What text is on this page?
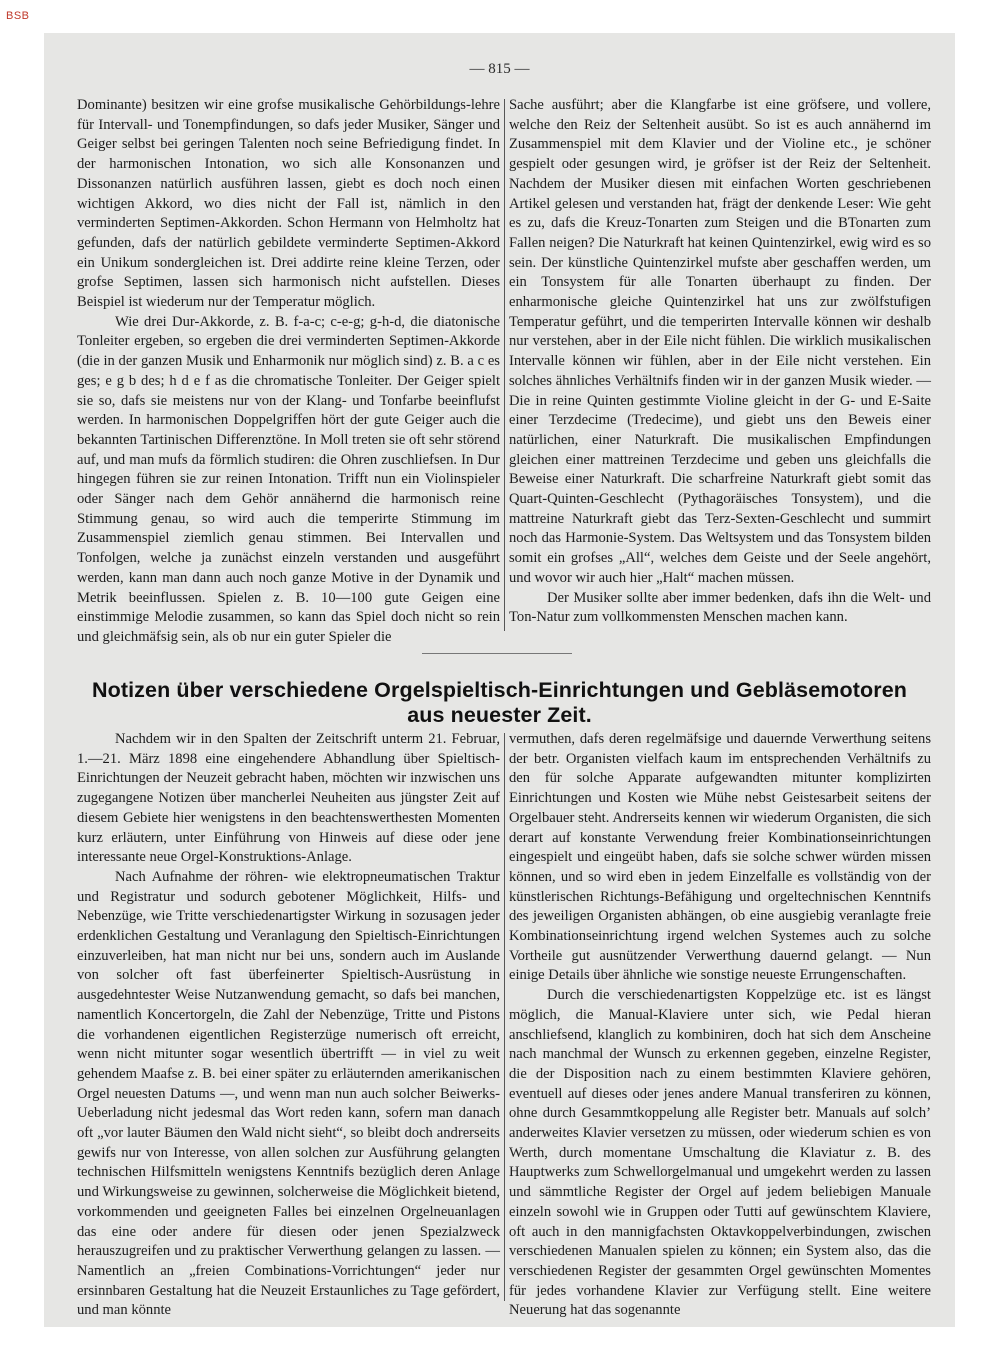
BSB
— 815 —

Dominante) besitzen wir eine grofse musikalische Gehörbildungs-lehre für Intervall- und Tonempfindungen, so dafs jeder Musiker, Sänger und Geiger selbst bei geringen Talenten noch seine Befriedigung findet. In der harmonischen Intonation, wo sich alle Konsonanzen und Dissonanzen natürlich ausführen lassen, giebt es doch noch einen wichtigen Akkord, wo dies nicht der Fall ist, nämlich in den verminderten Septimen-Akkorden. Schon Hermann von Helmholtz hat gefunden, dafs der natürlich gebildete verminderte Septimen-Akkord ein Unikum sondergleichen ist. Drei addirte reine kleine Terzen, oder grofse Septimen, lassen sich harmonisch nicht aufstellen. Dieses Beispiel ist wiederum nur der Temperatur möglich.

Wie drei Dur-Akkorde, z. B. f-a-c; c-e-g; g-h-d, die diatonische Tonleiter ergeben, so ergeben die drei verminderten Septimen-Akkorde (die in der ganzen Musik und Enharmonik nur möglich sind) z. B. a c es ges; e g b des; h d e f as die chromatische Tonleiter. Der Geiger spielt sie so, dafs sie meistens nur von der Klang- und Tonfarbe beeinflufst werden. In harmonischen Doppelgriffen hört der gute Geiger auch die bekannten Tartinischen Differenztöne. In Moll treten sie oft sehr störend auf, und man mufs da förmlich studiren: die Ohren zuschliefsen. In Dur hingegen führen sie zur reinen Intonation. Trifft nun ein Violinspieler oder Sänger nach dem Gehör annähernd die harmonisch reine Stimmung genau, so wird auch die temperirte Stimmung im Zusammenspiel ziemlich genau stimmen. Bei Intervallen und Tonfolgen, welche ja zunächst einzeln verstanden und ausgeführt werden, kann man dann auch noch ganze Motive in der Dynamik und Metrik beeinflussen. Spielen z. B. 10—100 gute Geigen eine einstimmige Melodie zusammen, so kann das Spiel doch nicht so rein und gleichmäfsig sein, als ob nur ein guter Spieler die

Sache ausführt; aber die Klangfarbe ist eine gröfsere, und vollere, welche den Reiz der Seltenheit ausübt. So ist es auch annähernd im Zusammenspiel mit dem Klavier und der Violine etc., je schöner gespielt oder gesungen wird, je gröfser ist der Reiz der Seltenheit. Nachdem der Musiker diesen mit einfachen Worten geschriebenen Artikel gelesen und verstanden hat, frägt der denkende Leser: Wie geht es zu, dafs die Kreuz-Tonarten zum Steigen und die BTonarten zum Fallen neigen? Die Naturkraft hat keinen Quintenzirkel, ewig wird es so sein. Der künstliche Quintenzirkel mufste aber geschaffen werden, um ein Tonsystem für alle Tonarten überhaupt zu finden. Der enharmonische gleiche Quintenzirkel hat uns zur zwölfstufigen Temperatur geführt, und die temperirten Intervalle können wir deshalb nur verstehen, aber in der Eile nicht fühlen. Die wirklich musikalischen Intervalle können wir fühlen, aber in der Eile nicht verstehen. Ein solches ähnliches Verhältnifs finden wir in der ganzen Musik wieder. — Die in reine Quinten gestimmte Violine gleicht in der G- und E-Saite einer Terzdecime (Tredecime), und giebt uns den Beweis einer natürlichen, einer Naturkraft. Die musikalischen Empfindungen gleichen einer mattreinen Terzdecime und geben uns gleichfalls die Beweise einer Naturkraft. Die scharfreine Naturkraft giebt somit das Quart-Quinten-Geschlecht (Pythagoräisches Tonsystem), und die mattreine Naturkraft giebt das Terz-Sexten-Geschlecht und summirt noch das Harmonie-System. Das Weltsystem und das Tonsystem bilden somit ein grofses „All“, welches dem Geiste und der Seele angehört, und wovor wir auch hier „Halt“ machen müssen.

Der Musiker sollte aber immer bedenken, dafs ihn die Welt- und Ton-Natur zum vollkommensten Menschen machen kann.

Notizen über verschiedene Orgelspieltisch-Einrichtungen und Gebläsemotoren
aus neuester Zeit.

Nachdem wir in den Spalten der Zeitschrift unterm 21. Februar, 1.—21. März 1898 eine eingehendere Abhandlung über Spieltisch-Einrichtungen der Neuzeit gebracht haben, möchten wir inzwischen uns zugegangene Notizen über mancherlei Neuheiten aus jüngster Zeit auf diesem Gebiete hier wenigstens in den beachtenswerthesten Momenten kurz erläutern, unter Einführung von Hinweis auf diese oder jene interessante neue Orgel-Konstruktions-Anlage.

Nach Aufnahme der röhren- wie elektropneumatischen Traktur und Registratur und sodurch gebotener Möglichkeit, Hilfs- und Nebenzüge, wie Tritte verschiedenartigster Wirkung in sozusagen jeder erdenklichen Gestaltung und Veranlagung den Spieltisch-Einrichtungen einzuverleiben, hat man nicht nur bei uns, sondern auch im Auslande von solcher oft fast überfeinerter Spieltisch-Ausrüstung in ausgedehntester Weise Nutzanwendung gemacht, so dafs bei manchen, namentlich Koncertorgeln, die Zahl der Nebenzüge, Tritte und Pistons die vorhandenen eigentlichen Registerzüge numerisch oft erreicht, wenn nicht mitunter sogar wesentlich übertrifft — in viel zu weit gehendem Maafse z. B. bei einer später zu erläuternden amerikanischen Orgel neuesten Datums —, und wenn man nun auch solcher Beiwerks-Ueberladung nicht jedesmal das Wort reden kann, sofern man danach oft „vor lauter Bäumen den Wald nicht sieht“, so bleibt doch andrerseits gewifs nur von Interesse, von allen solchen zur Ausführung gelangten technischen Hilfsmitteln wenigstens Kenntnifs bezüglich deren Anlage und Wirkungsweise zu gewinnen, solcherweise die Möglichkeit bietend, vorkommenden und geeigneten Falles bei einzelnen Orgelneuanlagen das eine oder andere für diesen oder jenen Spezialzweck herauszugreifen und zu praktischer Verwerthung gelangen zu lassen. — Namentlich an „freien Combinations-Vorrichtungen“ jeder nur ersinnbaren Gestaltung hat die Neuzeit Erstaunliches zu Tage gefördert, und man könnte

vermuthen, dafs deren regelmäfsige und dauernde Verwerthung seitens der betr. Organisten vielfach kaum im entsprechenden Verhältnifs zu den für solche Apparate aufgewandten mitunter komplizirten Einrichtungen und Kosten wie Mühe nebst Geistesarbeit seitens der Orgelbauer steht. Andrerseits kennen wir wiederum Organisten, die sich derart auf konstante Verwendung freier Kombinationseinrichtungen eingespielt und eingeübt haben, dafs sie solche schwer würden missen können, und so wird eben in jedem Einzelfalle es vollständig von der künstlerischen Richtungs-Befähigung und orgeltechnischen Kenntnifs des jeweiligen Organisten abhängen, ob eine ausgiebig veranlagte freie Kombinationseinrichtung irgend welchen Systemes auch zu solche Vortheile gut ausnützender Verwerthung dauernd gelangt. — Nun einige Details über ähnliche wie sonstige neueste Errungenschaften.

Durch die verschiedenartigsten Koppelzüge etc. ist es längst möglich, die Manual-Klaviere unter sich, wie Pedal hieran anschliefsend, klanglich zu kombiniren, doch hat sich dem Anscheine nach manchmal der Wunsch zu erkennen gegeben, einzelne Register, die der Disposition nach zu einem bestimmten Klaviere gehören, eventuell auf dieses oder jenes andere Manual transferiren zu können, ohne durch Gesammtkoppelung alle Register betr. Manuals auf solch’ anderweites Klavier versetzen zu müssen, oder wiederum schien es von Werth, durch momentane Umschaltung die Klaviatur z. B. des Hauptwerks zum Schwellorgelmanual und umgekehrt werden zu lassen und sämmtliche Register der Orgel auf jedem beliebigen Manuale einzeln sowohl wie in Gruppen oder Tutti auf gewünschtem Klaviere, oft auch in den mannigfachsten Oktavkoppelverbindungen, zwischen verschiedenen Manualen spielen zu können; ein System also, das die verschiedenen Register der gesammten Orgel gewünschten Momentes für jedes vorhandene Klavier zur Verfügung stellt. Eine weitere Neuerung hat das sogenannte
